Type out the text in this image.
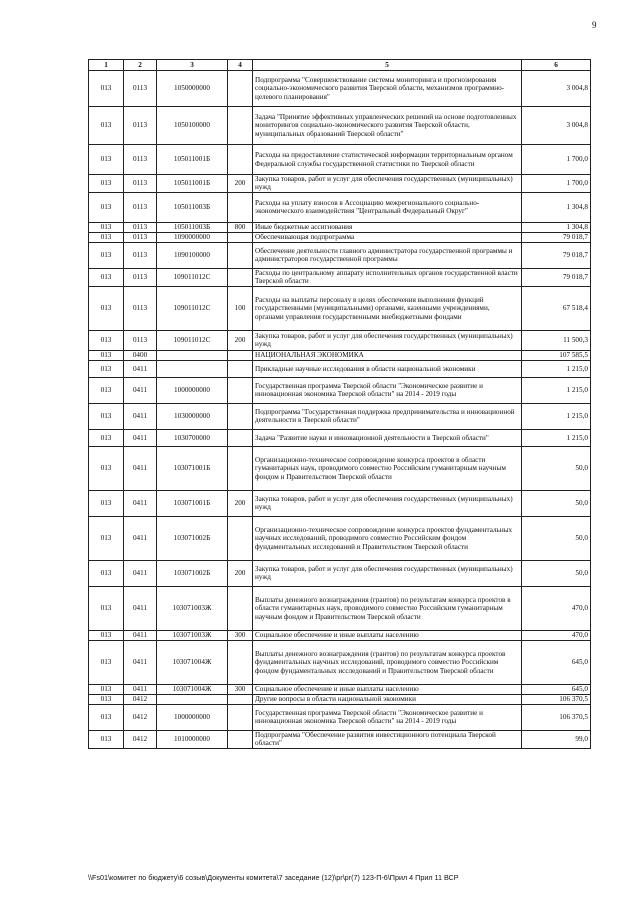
9
1	2	3	4	5	6
013	0113	1050000000		Подпрограмма "Совершенствование системы мониторинга и прогнозирования социально-экономического развития Тверской области, механизмов программно-целевого планирования"	3 004,8
013	0113	1050100000		Задача "Принятие эффективных управленческих решений на основе подготовленных мониторингов социально-экономического развития Тверской области, муниципальных образований Тверской области"	3 004,8
013	0113	105011001Б		Расходы на предоставление статистической информации территориальным органом Федеральной службы государственной статистики по Тверской области	1 700,0
013	0113	105011001Б	200	Закупка товаров, работ и услуг для обеспечения государственных (муниципальных) нужд	1 700,0
013	0113	105011003Б		Расходы на уплату взносов в Ассоциацию межрегионального социально-экономического взаимодействия "Центральный Федеральный Округ"	1 304,8
013	0113	105011003Б	800	Иные бюджетные ассигнования	1 304,8
013	0113	1090000000		Обеспечивающая подпрограмма	79 018,7
013	0113	1090100000		Обеспечение деятельности главного администратора государственной программы и администраторов государственной программы	79 018,7
013	0113	109011012С		Расходы по центральному аппарату исполнительных органов государственной власти Тверской области	79 018,7
013	0113	109011012С	100	Расходы на выплаты персоналу в целях обеспечения выполнения функций государственными (муниципальными) органами, казенными учреждениями, органами управления государственными внебюджетными фондами	67 518,4
013	0113	109011012С	200	Закупка товаров, работ и услуг для обеспечения государственных (муниципальных) нужд	11 500,3
013	0400			НАЦИОНАЛЬНАЯ ЭКОНОМИКА	107 585,5
013	0411			Прикладные научные исследования в области национальной экономики	1 215,0
013	0411	1000000000		Государственная программа Тверской области "Экономическое развитие и инновационная экономика Тверской области" на 2014 - 2019 годы	1 215,0
013	0411	1030000000		Подпрограмма "Государственная поддержка предпринимательства и инновационной деятельности в Тверской области"	1 215,0
013	0411	1030700000		Задача "Развитие науки и инновационной деятельности в Тверской области"	1 215,0
013	0411	103071001Б		Организационно-техническое сопровождение конкурса проектов в области гуманитарных наук, проводимого совместно Российским гуманитарным научным фондом и Правительством Тверской области	50,0
013	0411	103071001Б	200	Закупка товаров, работ и услуг для обеспечения государственных (муниципальных) нужд	50,0
013	0411	103071002Б		Организационно-техническое сопровождение конкурса проектов фундаментальных научных исследований, проводимого совместно Российским фондом фундаментальных исследований и Правительством Тверской области	50,0
013	0411	103071002Б	200	Закупка товаров, работ и услуг для обеспечения государственных (муниципальных) нужд	50,0
013	0411	103071003Ж		Выплаты денежного вознаграждения (грантов) по результатам конкурса проектов в области гуманитарных наук, проводимого совместно Российским гуманитарным научным фондом и Правительством Тверской области	470,0
013	0411	103071003Ж	300	Социальное обеспечение и иные выплаты населению	470,0
013	0411	103071004Ж		Выплаты денежного вознаграждения (грантов) по результатам конкурса проектов фундаментальных научных исследований, проводимого совместно Российским фондом фундаментальных исследований и Правительством Тверской области	645,0
013	0411	103071004Ж	300	Социальное обеспечение и иные выплаты населению	645,0
013	0412			Другие вопросы в области национальной экономики	106 370,5
013	0412	1000000000		Государственная программа Тверской области "Экономическое развитие и инновационная экономика Тверской области" на 2014 - 2019 годы	106 370,5
013	0412	1010000000		Подпрограмма "Обеспечение развития инвестиционного потенциала Тверской области"	99,0
\\Fs01\комитет по бюджету\6 созыв\Документы комитета\7 заседание (12)\pr\pr(7) 123-П-6\Прил 4 Прил 11 ВСР
